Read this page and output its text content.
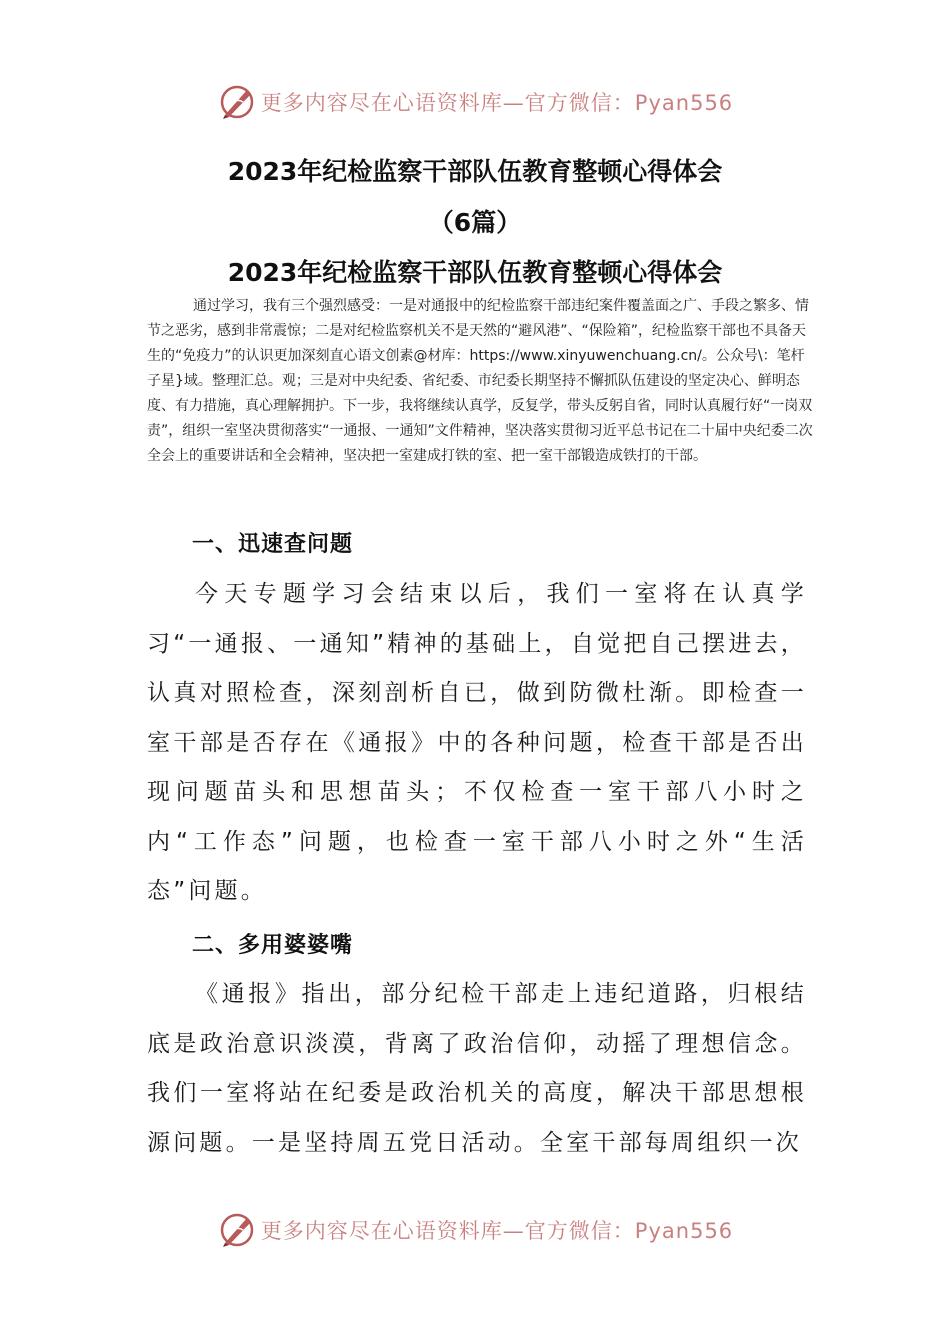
更多内容尽在心语资料库—官方微信：Pyan556
2023年纪检监察干部队伍教育整顿心得体会
（6篇）
2023年纪检监察干部队伍教育整顿心得体会

通过学习，我有三个强烈感受：一是对通报中的纪检监察干部违纪案件覆盖面之广、手段之繁多、情节之恶劣，感到非常震惊；二是对纪检监察机关不是天然的“避风港”、“保险箱”，纪检监察干部也不具备天生的“免疫力”的认识更加深刻直心语文创素@材库：https://www.xinyuwenchuang.cn/。公众号\：笔杆子星}域。整理汇总。观；三是对中央纪委、省纪委、市纪委长期坚持不懈抓队伍建设的坚定决心、鲜明态度、有力措施，真心理解拥护。下一步，我将继续认真学，反复学，带头反躬自省，同时认真履行好“一岗双责”，组织一室坚决贯彻落实“一通报、一通知”文件精神，坚决落实贯彻习近平总书记在二十届中央纪委二次全会上的重要讲话和全会精神，坚决把一室建成打铁的室、把一室干部锻造成铁打的干部。

一、迅速查问题

今天专题学习会结束以后，我们一室将在认真学习“一通报、一通知”精神的基础上，自觉把自己摆进去，认真对照检查，深刻剖析自已，做到防微杜渐。即检查一室干部是否存在《通报》中的各种问题，检查干部是否出现问题苗头和思想苗头；不仅检查一室干部八小时之内“工作态”问题，也检查一室干部八小时之外“生活态”问题。

二、多用婆婆嘴

《通报》指出，部分纪检干部走上违纪道路，归根结底是政治意识淡漠，背离了政治信仰，动摇了理想信念。我们一室将站在纪委是政治机关的高度，解决干部思想根源问题。一是坚持周五党日活动。全室干部每周组织一次

更多内容尽在心语资料库—官方微信：Pyan556
